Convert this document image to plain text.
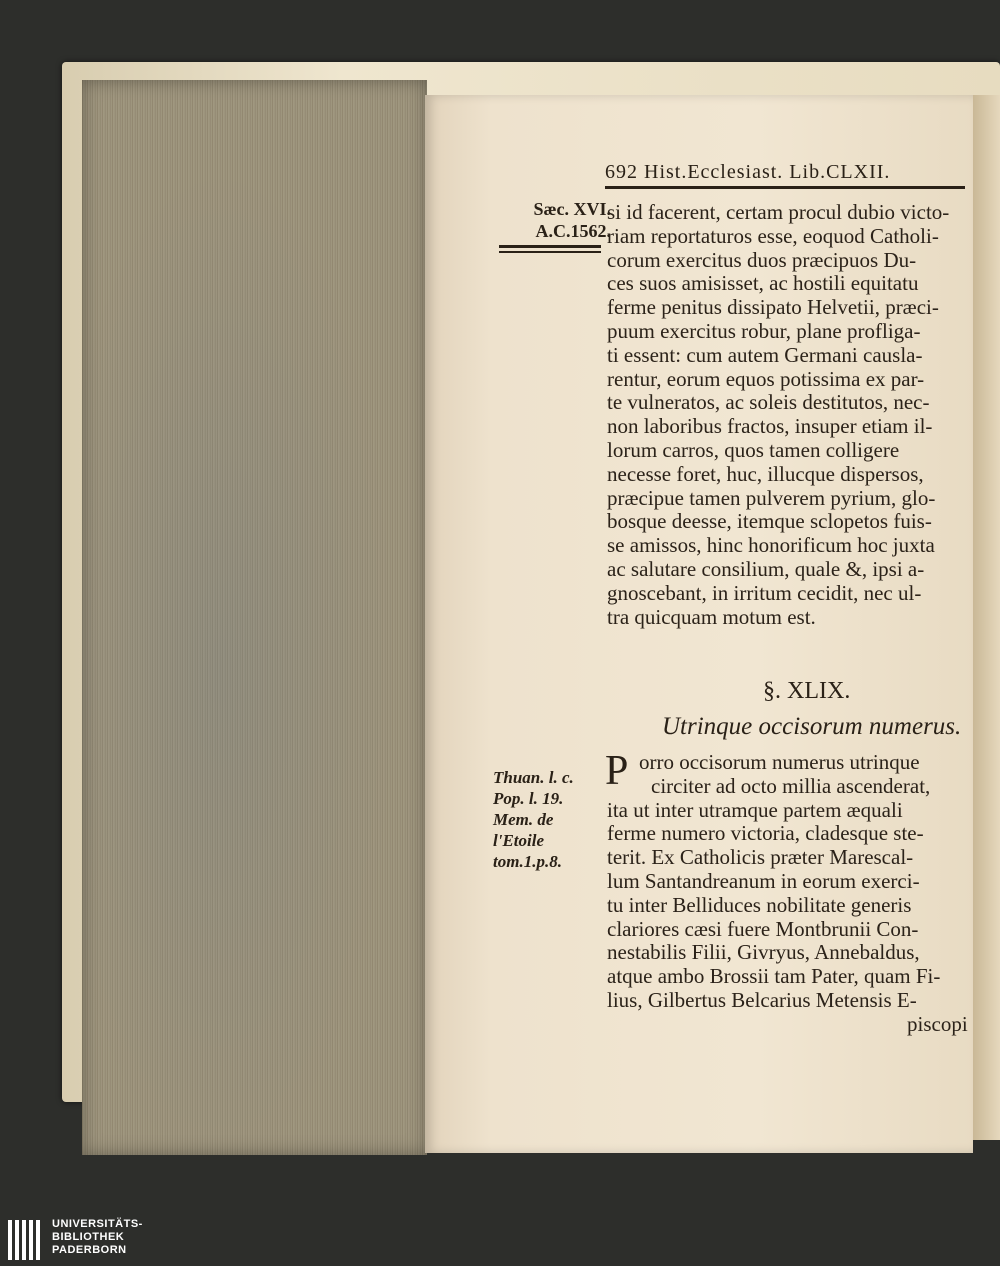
692 Hist.Ecclesiast. Lib.CLXII.
Sæc. XVI.
A.C.1562.
si id facerent, certam procul dubio victo-
riam reportaturos esse, eoquod Catholi-
corum exercitus duos præcipuos Du-
ces suos amisisset, ac hostili equitatu
ferme penitus dissipato Helvetii, præci-
puum exercitus robur, plane profliga-
ti essent: cum autem Germani causla-
rentur, eorum equos potissima ex par-
te vulneratos, ac soleis destitutos, nec-
non laboribus fractos, insuper etiam il-
lorum carros, quos tamen colligere
necesse foret, huc, illucque dispersos,
præcipue tamen pulverem pyrium, glo-
bosque deesse, itemque sclopetos fuis-
se amissos, hinc honorificum hoc juxta
ac salutare consilium, quale &, ipsi a-
gnoscebant, in irritum cecidit, nec ul-
tra quicquam motum est.
§. XLIX.
Utrinque occisorum numerus.
Thuan. l. c.
Pop. l. 19.
Mem. de
l'Etoile
tom.1.p.8.
P orro occisorum numerus utrinque
circiter ad octo millia ascenderat,
ita ut inter utramque partem æquali
ferme numero victoria, cladesque ste-
terit. Ex Catholicis præter Marescal-
lum Santandreanum in eorum exerci-
tu inter Belliduces nobilitate generis
clariores cæsi fuere Montbrunii Con-
nestabilis Filii, Givryus, Annebaldus,
atque ambo Brossii tam Pater, quam Fi-
lius, Gilbertus Belcarius Metensis E-
piscopi
UNIVERSITÄTS-
BIBLIOTHEK
PADERBORN
